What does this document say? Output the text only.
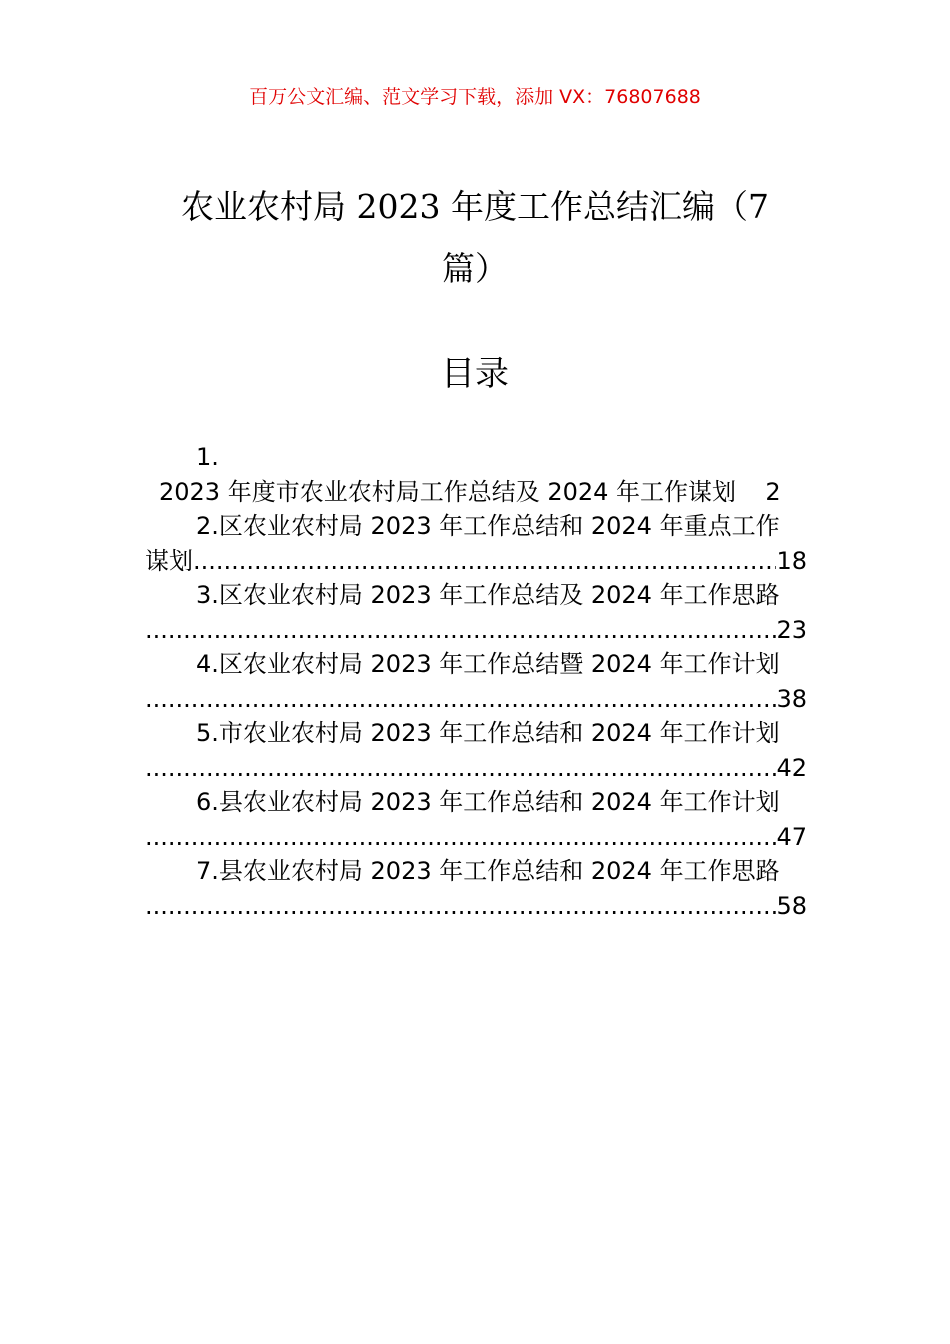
百万公文汇编、范文学习下载，添加 VX：76807688
农业农村局 2023 年度工作总结汇编（7
篇）
目录
1.
2023 年度市农业农村局工作总结及 2024 年工作谋划 2
2.区农业农村局 2023 年工作总结和 2024 年重点工作
谋划
.....	18
3.区农业农村局 2023 年工作总结及 2024 年工作思路
.....
23
4.区农业农村局 2023 年工作总结暨 2024 年工作计划
.....
38
5.市农业农村局 2023 年工作总结和 2024 年工作计划
.....
42
6.县农业农村局 2023 年工作总结和 2024 年工作计划
.....
47
7.县农业农村局 2023 年工作总结和 2024 年工作思路
.....
58
